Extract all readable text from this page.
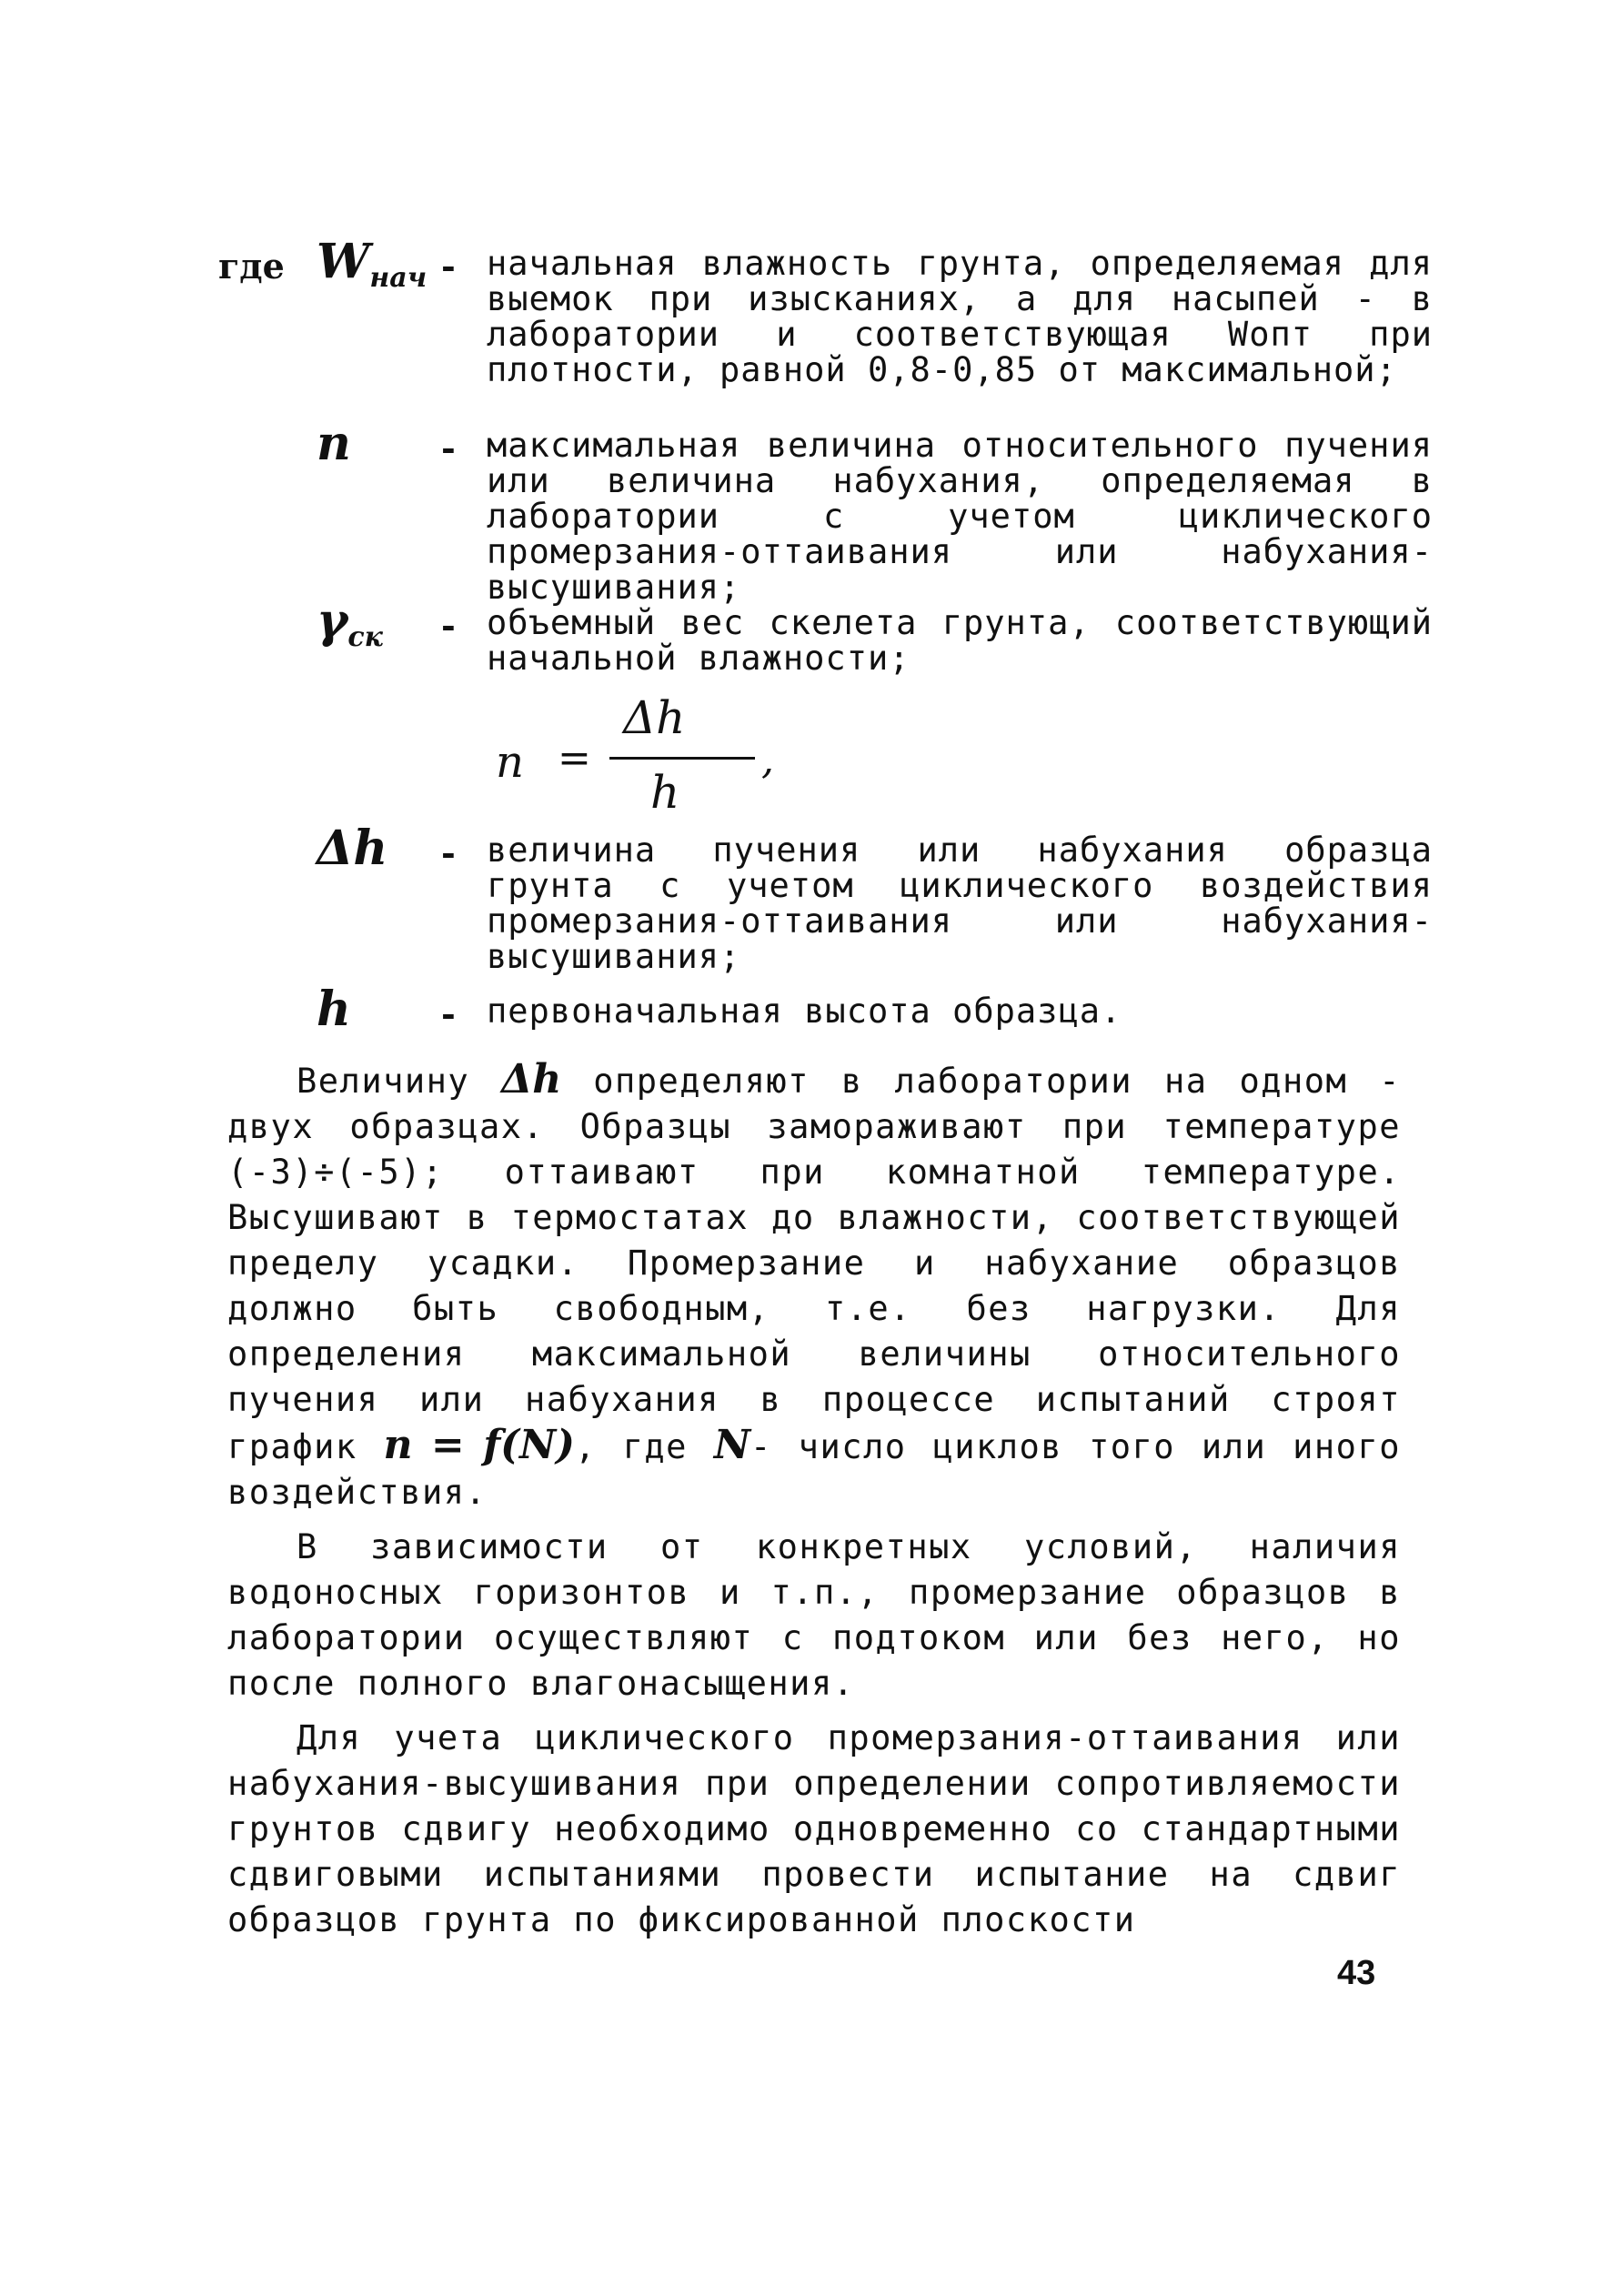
где $W_{нач}$ - начальная влажность грунта, определяемая для выемок при изысканиях, а для насыпей - в лаборатории и соответствующая Wопт при плотности, равной 0,8-0,85 от максимальной;
n	- максимальная величина относительного пучения или величина набухания, определяемая в лаборатории с учетом циклического промерзания-оттаивания или набухания-высушивания;
$\gamma_{ск}$	- объемный вес скелета грунта, соответствующий начальной влажности;
n =
Δh
h
,
Δh	- величина пучения или набухания образца грунта с учетом циклического воздействия промерзания-оттаивания или набухания-высушивания;
h	- первоначальная высота образца.

Величину Δh определяют в лаборатории на одном - двух образцах. Образцы замораживают при температуре (-3)÷(-5); оттаивают при комнатной температуре. Высушивают в термостатах до влажности, соответствующей пределу усадки. Промерзание и набухание образцов должно быть свободным, т.е. без нагрузки. Для определения максимальной величины относительного пучения или набухания в процессе испытаний строят график n = f(N), где N- число циклов того или иного воздействия.

В зависимости от конкретных условий, наличия водоносных горизонтов и т.п., промерзание образцов в лаборатории осуществляют с подтоком или без него, но после полного влагонасыщения.

Для учета циклического промерзания-оттаивания или набухания-высушивания при определении сопротивляемости грунтов сдвигу необходимо одновременно со стандартными сдвиговыми испытаниями провести испытание на сдвиг образцов грунта по фиксированной плоскости

43
